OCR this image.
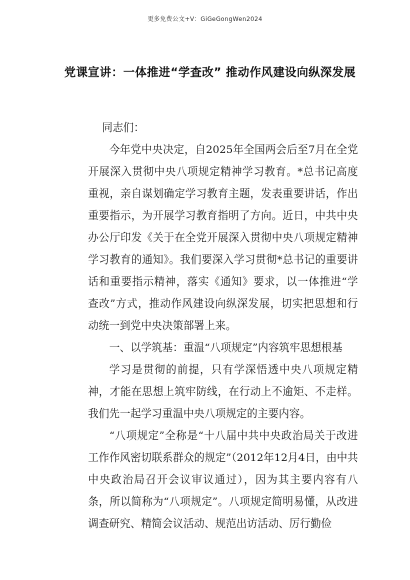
更多免费公文+V：GiGeGongWen2024
党课宣讲：一体推进“学查改” 推动作风建设向纵深发展

同志们：

今年党中央决定，自2025年全国两会后至7月在全党开展深入贯彻中央八项规定精神学习教育。*总书记高度重视，亲自谋划确定学习教育主题，发表重要讲话，作出重要指示，为开展学习教育指明了方向。近日，中共中央办公厅印发《关于在全党开展深入贯彻中央八项规定精神学习教育的通知》。我们要深入学习贯彻*总书记的重要讲话和重要指示精神，落实《通知》要求，以一体推进“学查改”方式，推动作风建设向纵深发展，切实把思想和行动统一到党中央决策部署上来。

一、以学筑基：重温“八项规定”内容筑牢思想根基

学习是贯彻的前提，只有学深悟透中央八项规定精神，才能在思想上筑牢防线，在行动上不逾矩、不走样。我们先一起学习重温中央八项规定的主要内容。

“八项规定”全称是“十八届中共中央政治局关于改进工作作风密切联系群众的规定”（2012年12月4日，由中共中央政治局召开会议审议通过），因为其主要内容有八条，所以简称为“八项规定”。八项规定简明易懂，从改进调查研究、精简会议活动、规范出访活动、厉行勤俭
